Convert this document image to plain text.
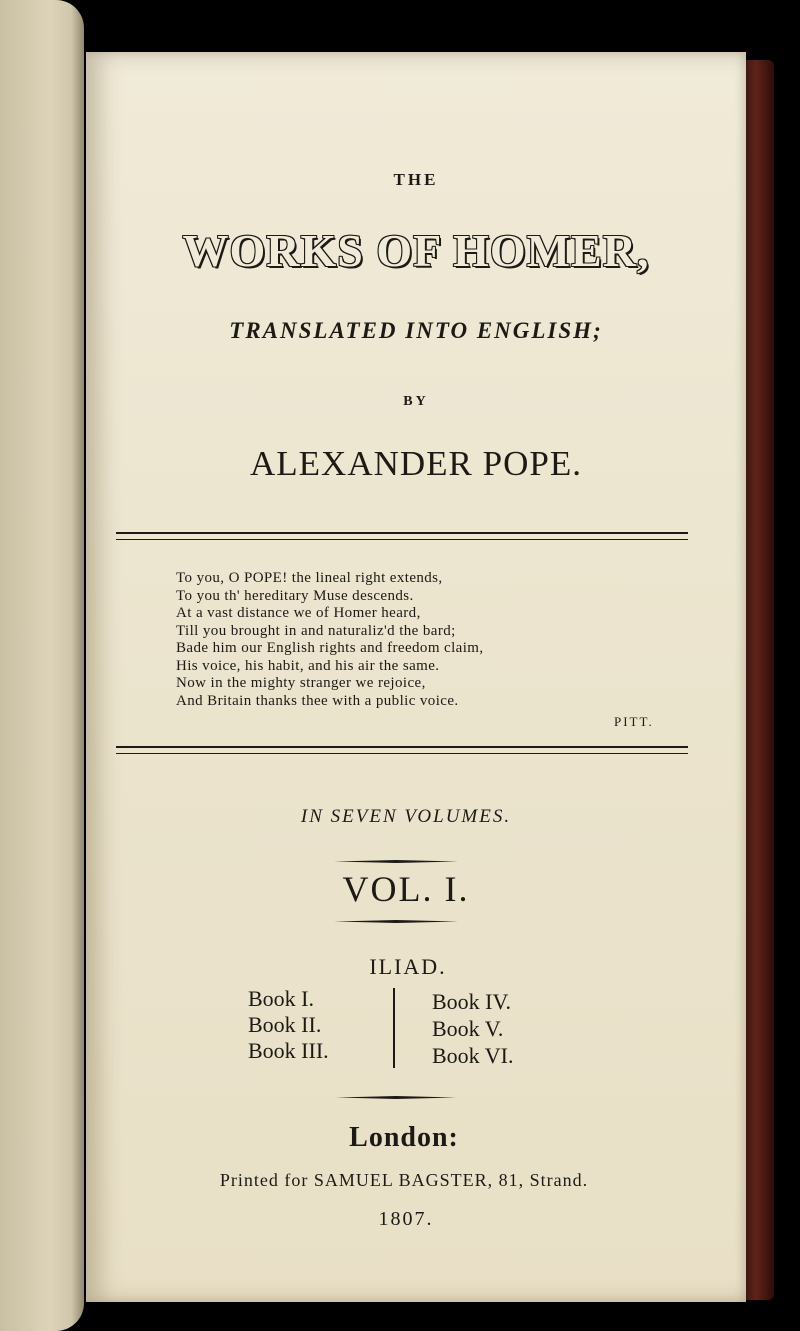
THE
WORKS OF HOMER,
TRANSLATED INTO ENGLISH;
BY
ALEXANDER POPE.
To you, O POPE! the lineal right extends,
To you th' hereditary Muse descends.
At a vast distance we of Homer heard,
Till you brought in and naturaliz'd the bard;
Bade him our English rights and freedom claim,
His voice, his habit, and his air the same.
Now in the mighty stranger we rejoice,
And Britain thanks thee with a public voice.
PITT.
IN SEVEN VOLUMES.
VOL. I.
ILIAD.
Book I.
Book II.
Book III.
Book IV.
Book V.
Book VI.
London:
Printed for SAMUEL BAGSTER, 81, Strand.
1807.
